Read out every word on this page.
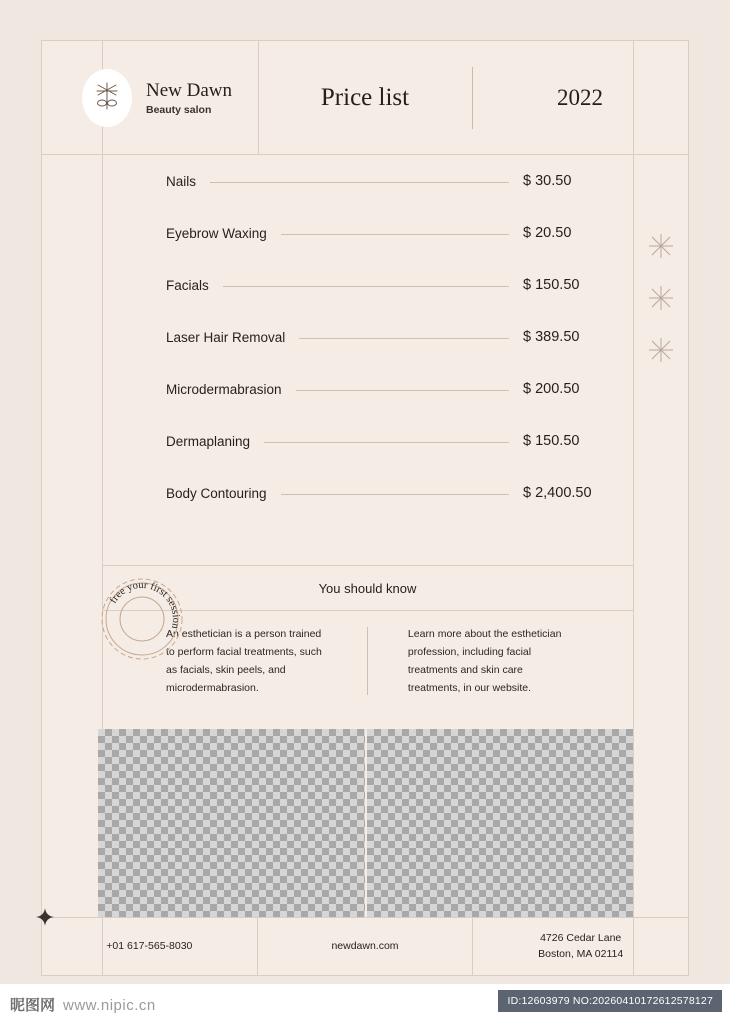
New Dawn
Beauty salon	Price list	2022
Nails	$ 30.50
Eyebrow Waxing	$ 20.50
Facials	$ 150.50
Laser Hair Removal	$ 389.50
Microdermabrasion	$ 200.50
Dermaplaning	$ 150.50
Body Contouring	$ 2,400.50
You should know
An esthetician is a person trained to perform facial treatments, such as facials, skin peels, and microdermabrasion.
Learn more about the esthetician profession, including facial treatments and skin care treatments, in our website.
free your first session
+01 617-565-8030	newdawn.com
4726 Cedar Lane
Boston, MA 02114
昵图网 www.nipic.cn	ID:12603979 NO:20260410172612578127
